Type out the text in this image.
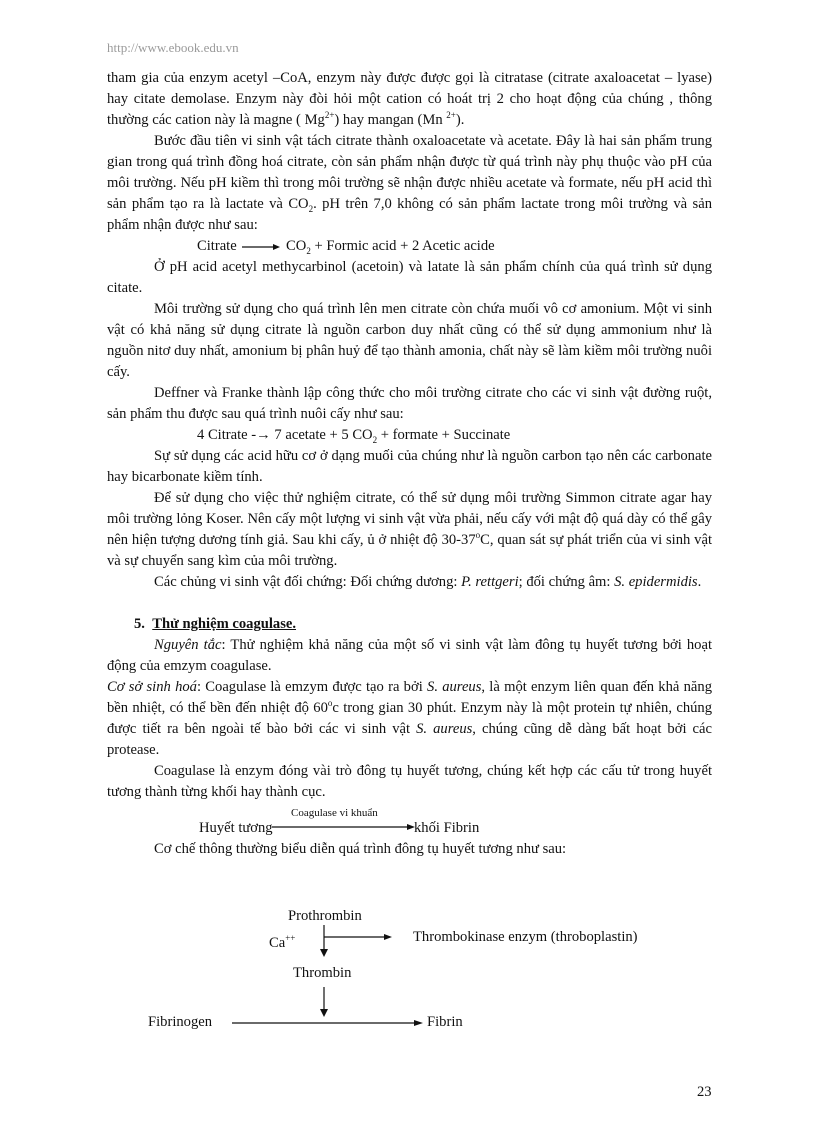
http://www.ebook.edu.vn

tham gia của enzym acetyl –CoA, enzym này được được gọi là citratase (citrate axaloacetat – lyase) hay citate demolase. Enzym này đòi hỏi một cation có hoát trị 2 cho hoạt động của chúng , thông thường các cation này là magne ( $Mg^{2+}$) hay mangan (Mn $^{2+}$).

Bước đầu tiên vi sinh vật tách citrate thành oxaloacetate và acetate. Đây là hai sản phẩm trung gian trong quá trình đồng hoá citrate, còn sản phẩm nhận được từ quá trình này phụ thuộc vào pH của môi trường. Nếu pH kiềm thì trong môi trường sẽ nhận được nhiều acetate và formate, nếu pH acid thì sản phẩm tạo ra là lactate và $CO_2$. pH trên 7,0 không có sản phẩm lactate trong môi trường và sản phẩm nhận được như sau:

Citrate → $CO_2$ + Formic acid + 2 Acetic acide

Ở pH acid acetyl methycarbinol (acetoin) và latate là sản phẩm chính của quá trình sử dụng citate.

Môi trường sử dụng cho quá trình lên men citrate còn chứa muối vô cơ amonium. Một vi sinh vật có khả năng sử dụng citrate là nguồn carbon duy nhất cũng có thể sử dụng ammonium như là nguồn nitơ duy nhất, amonium bị phân huỷ để tạo thành amonia, chất này sẽ làm kiềm môi trường nuôi cấy.

Deffner và Franke thành lập công thức cho môi trường citrate cho các vi sinh vật đường ruột, sản phẩm thu được sau quá trình nuôi cấy như sau:

4 Citrate -→ 7 acetate + 5 $CO_2$ + formate + Succinate

Sự sử dụng các acid hữu cơ ở dạng muối của chúng như là nguồn carbon tạo nên các carbonate hay bicarbonate kiềm tính.

Để sử dụng cho việc thử nghiệm citrate, có thể sử dụng môi trường Simmon citrate agar hay môi trường lỏng Koser. Nên cấy một lượng vi sinh vật vừa phải, nếu cấy với mật độ quá dày có thể gây nên hiện tượng dương tính giả. Sau khi cấy, ủ ở nhiệt độ 30-37$^o$C, quan sát sự phát triển của vi sinh vật và sự chuyển sang kìm của môi trường.

Các chủng vi sinh vật đối chứng: Đối chứng dương: P. rettgeri; đối chứng âm: S. epidermidis.

5. Thử nghiệm coagulase.

Nguyên tắc: Thử nghiệm khả năng của một số vi sinh vật làm đông tụ huyết tương bởi hoạt động của emzym coagulase.

Cơ sở sinh hoá: Coagulase là emzym được tạo ra bởi S. aureus, là một enzym liên quan đến khả năng bền nhiệt, có thể bền đến nhiệt độ 60$^o$c trong gian 30 phút. Enzym này là một protein tự nhiên, chúng được tiết ra bên ngoài tế bào bởi các vi sinh vật S. aureus, chúng cũng dễ dàng bất hoạt bởi các protease.

Coagulase là enzym đóng vài trò đông tụ huyết tương, chúng kết hợp các cấu tử trong huyết tương thành từng khối hay thành cục.

Coagulase vi khuẩn
Huyết tương	khối Fibrin

Cơ chế thông thường biểu diễn quá trình đông tụ huyết tương như sau:

Prothrombin
Ca++	Thrombokinase enzym (throboplastin)
Thrombin
Fibrinogen	Fibrin
23
